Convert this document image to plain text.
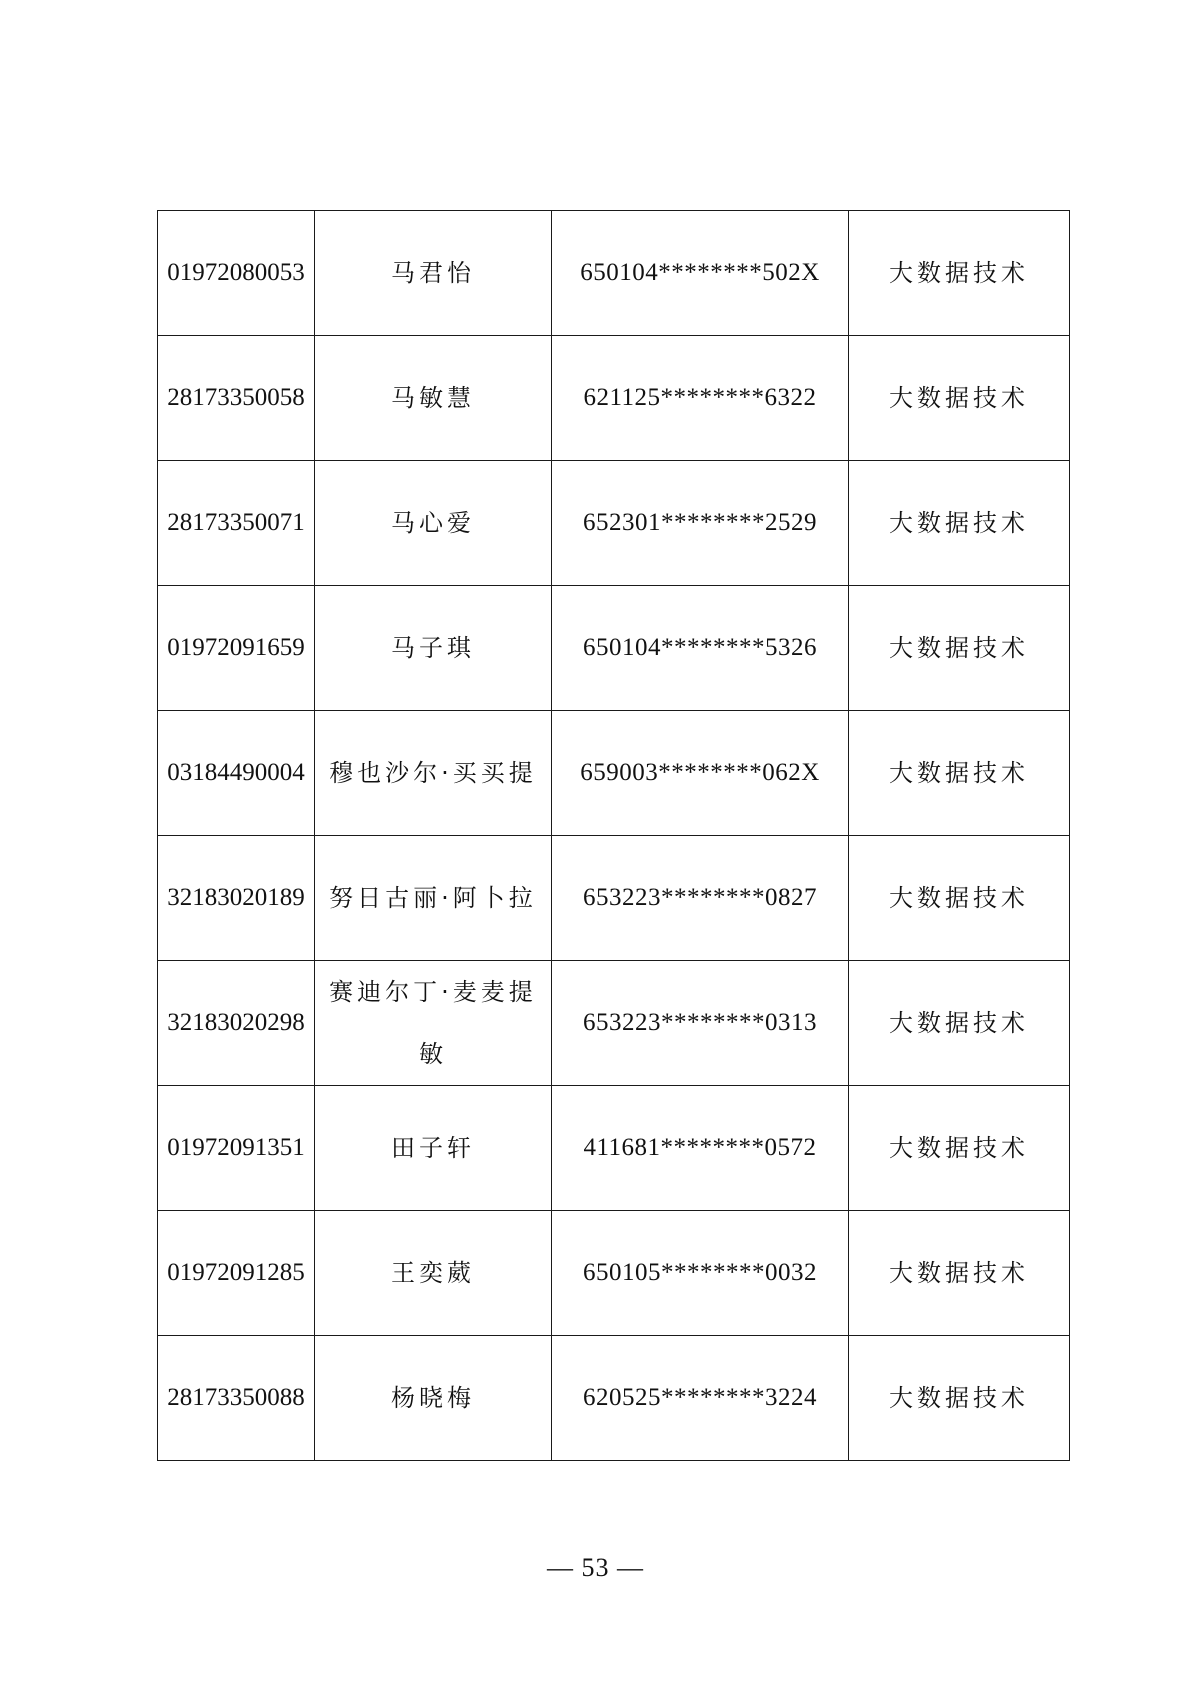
01972080053	马君怡	650104********502X	大数据技术
28173350058	马敏慧	621125********6322	大数据技术
28173350071	马心爱	652301********2529	大数据技术
01972091659	马子琪	650104********5326	大数据技术
03184490004	穆也沙尔·买买提	659003********062X	大数据技术
32183020189	努日古丽·阿卜拉	653223********0827	大数据技术
32183020298	赛迪尔丁·麦麦提敏	653223********0313	大数据技术
01972091351	田子轩	411681********0572	大数据技术
01972091285	王奕葳	650105********0032	大数据技术
28173350088	杨晓梅	620525********3224	大数据技术
— 53 —
